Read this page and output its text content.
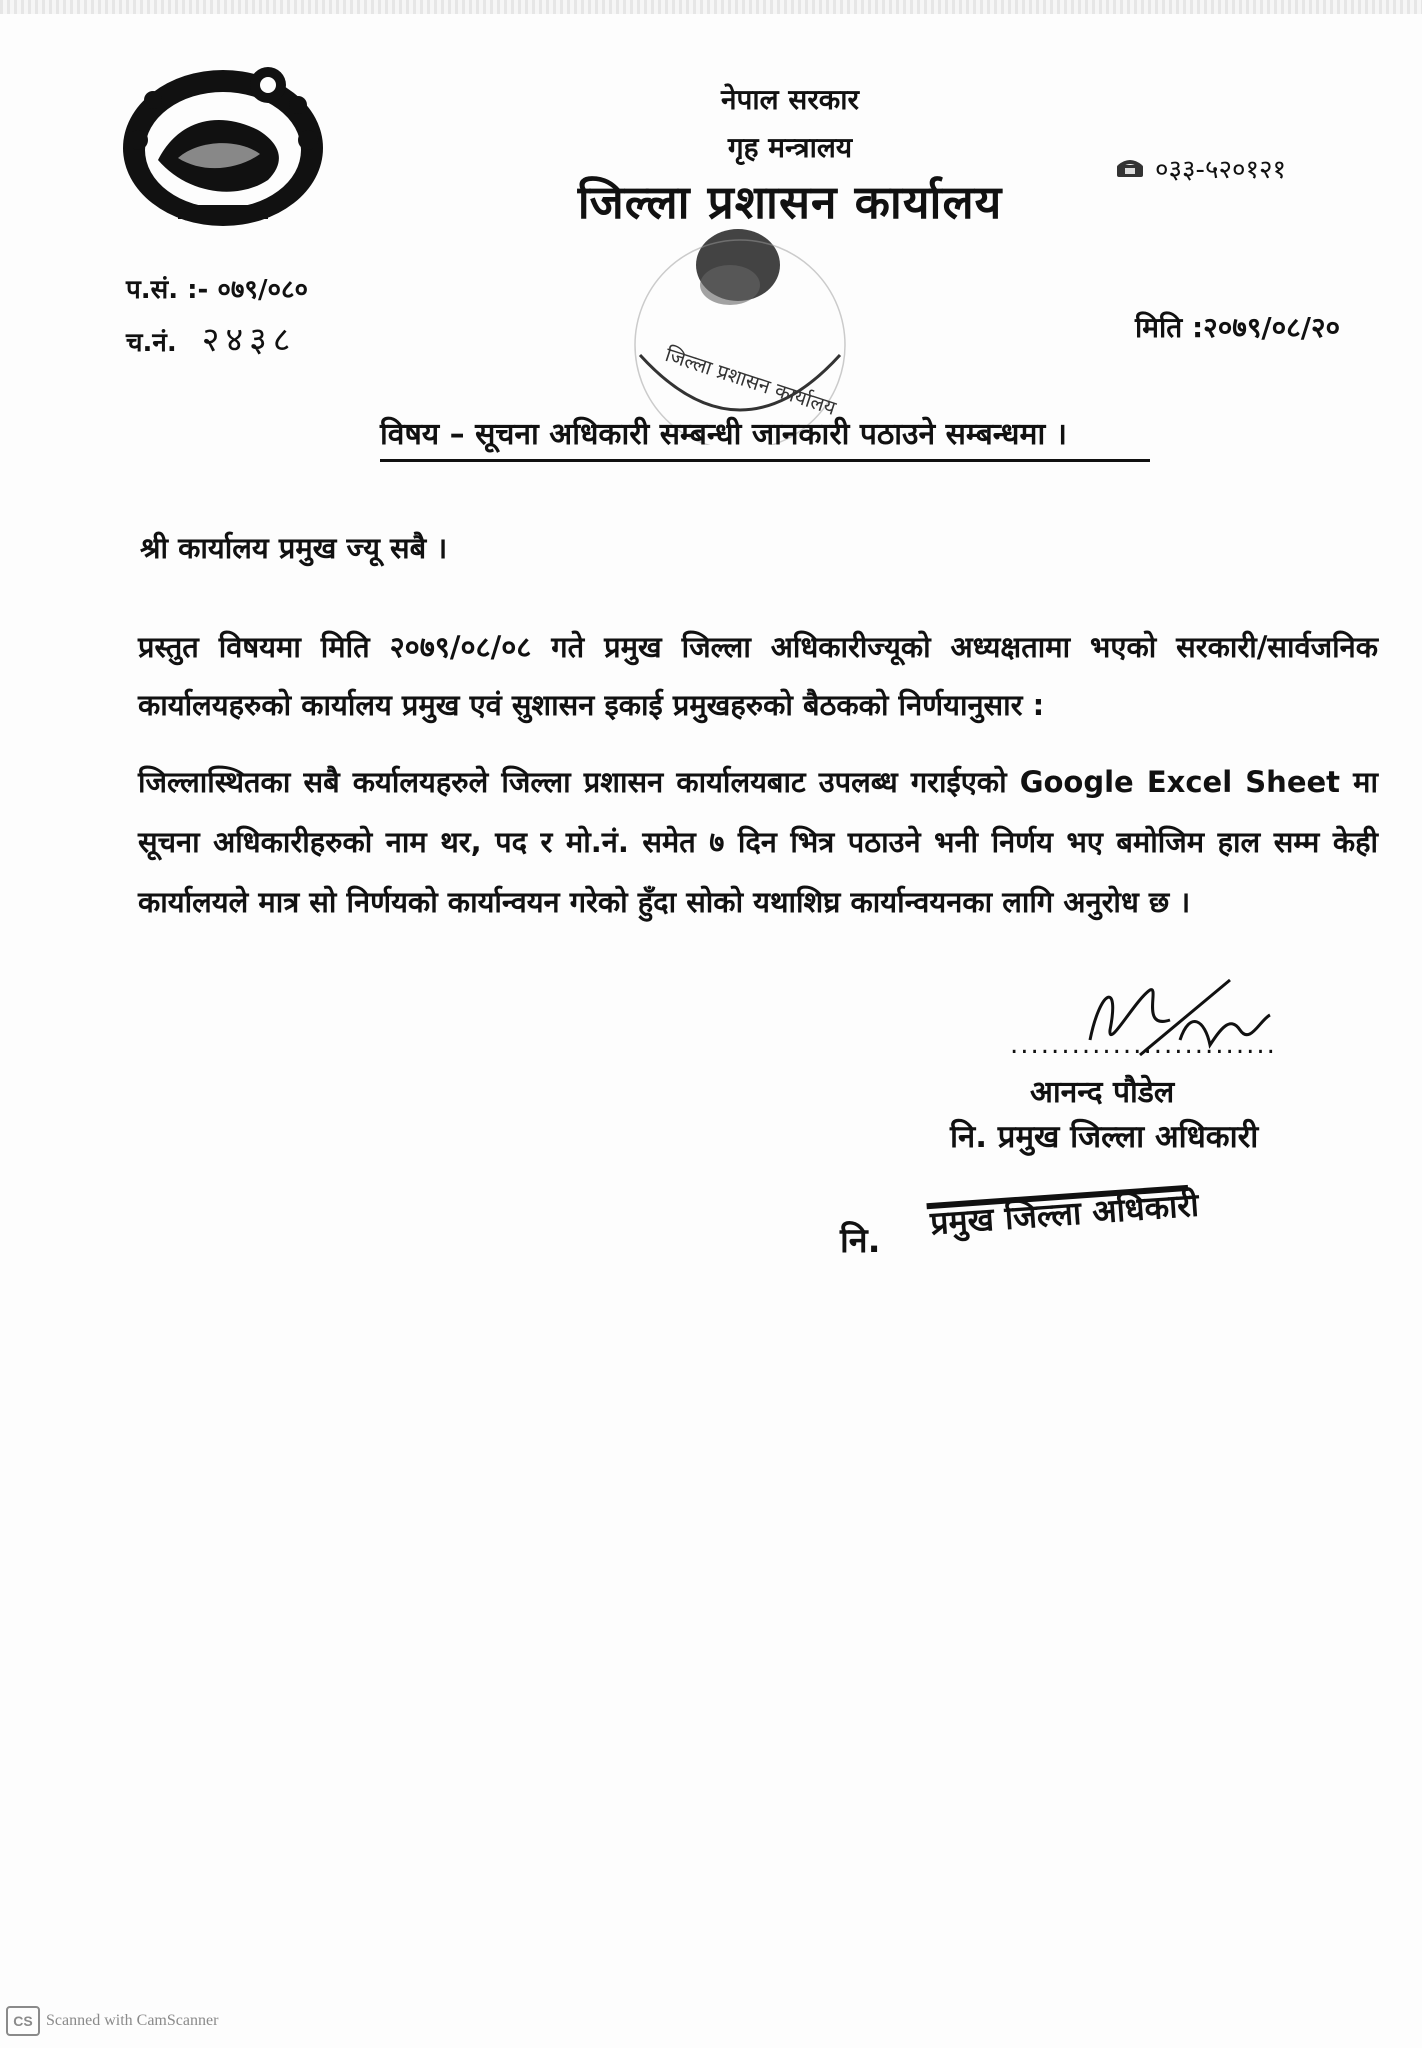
नेपाल सरकार
गृह मन्त्रालय
जिल्ला प्रशासन कार्यालय
०३३-५२०१२१
प.सं. :- ०७९/०८०
च.नं. २४३८	मिति :२०७९/०८/२०
जिल्ला प्रशासन कार्यालय
विषय – सूचना अधिकारी सम्बन्धी जानकारी पठाउने सम्बन्धमा ।
श्री कार्यालय प्रमुख ज्यू सबै ।

प्रस्तुत विषयमा मिति २०७९/०८/०८ गते प्रमुख जिल्ला अधिकारीज्यूको अध्यक्षतामा भएको सरकारी/सार्वजनिक कार्यालयहरुको कार्यालय प्रमुख एवं सुशासन इकाई प्रमुखहरुको बैठकको निर्णयानुसार :

जिल्लास्थितका सबै कर्यालयहरुले जिल्ला प्रशासन कार्यालयबाट उपलब्ध गराईएको Google Excel Sheet मा सूचना अधिकारीहरुको नाम थर, पद र मो.नं. समेत ७ दिन भित्र पठाउने भनी निर्णय भए बमोजिम हाल सम्म केही कार्यालयले मात्र सो निर्णयको कार्यान्वयन गरेको हुँदा सोको यथाशिघ्र कार्यान्वयनका लागि अनुरोध छ ।

..........................
आनन्द पौडेल
नि. प्रमुख जिल्ला अधिकारी
नि. प्रमुख जिल्ला अधिकारी
CS Scanned with CamScanner
